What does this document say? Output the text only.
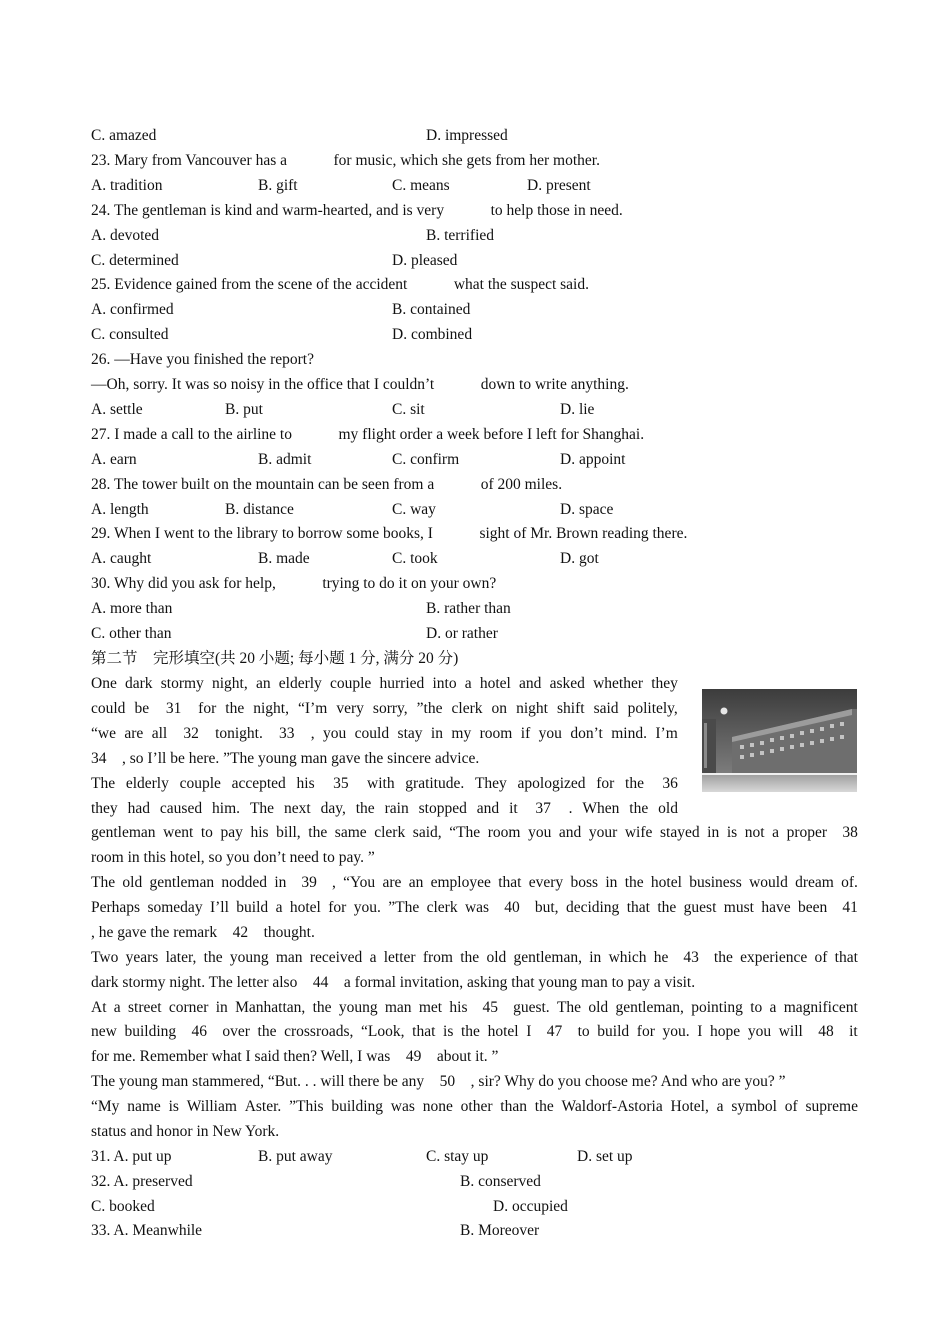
C. amazed	D. impressed
23. Mary from Vancouver has a            for music, which she gets from her mother.
A. tradition	B. gift	C. means	D. present
24. The gentleman is kind and warm-hearted, and is very            to help those in need.
A. devoted	B. terrified
C. determined	D. pleased
25. Evidence gained from the scene of the accident            what the suspect said.
A. confirmed	B. contained
C. consulted	D. combined
26. —Have you finished the report?
—Oh, sorry. It was so noisy in the office that I couldn’t            down to write anything.
A. settle	B. put	C. sit	D. lie
27. I made a call to the airline to            my flight order a week before I left for Shanghai.
A. earn	B. admit	C. confirm	D. appoint
28. The tower built on the mountain can be seen from a            of 200 miles.
A. length	B. distance	C. way	D. space
29. When I went to the library to borrow some books, I            sight of Mr. Brown reading there.
A. caught	B. made	C. took	D. got
30. Why did you ask for help,            trying to do it on your own?
A. more than	B. rather than
C. other than	D. or rather
第二节    完形填空(共 20 小题; 每小题 1 分, 满分 20 分)
34    , so I’ll be here. ”The young man gave the sincere advice.
room in this hotel, so you don’t need to pay. ”
, he gave the remark    42    thought.
dark stormy night. The letter also    44    a formal invitation, asking that young man to pay a visit.
for me. Remember what I said then? Well, I was    49    about it. ”
The young man stammered, “But. . . will there be any    50    , sir? Why do you choose me? And who are you? ”
status and honor in New York.
31. A. put up	B. put away	C. stay up	D. set up
32. A. preserved	B. conserved
C. booked	D. occupied
33. A. Meanwhile	B. Moreover
One dark stormy night, an elderly couple hurried into a hotel and asked whether they
could be 31 for the night, “I’m very sorry, ”the clerk on night shift said politely,
“we are all 32 tonight. 33 , you could stay in my room if you don’t mind. I’m
The elderly couple accepted his 35 with gratitude. They apologized for the 36
they had caused him. The next day, the rain stopped and it 37 . When the old
gentleman went to pay his bill, the same clerk said, “The room you and your wife stayed in is not a proper 38
The old gentleman nodded in 39 , “You are an employee that every boss in the hotel business would dream of.
Perhaps someday I’ll build a hotel for you. ”The clerk was 40 but, deciding that the guest must have been 41
Two years later, the young man received a letter from the old gentleman, in which he 43 the experience of that
At a street corner in Manhattan, the young man met his 45 guest. The old gentleman, pointing to a magnificent
new building 46 over the crossroads, “Look, that is the hotel I 47 to build for you. I hope you will 48 it
“My name is William Aster. ”This building was none other than the Waldorf-Astoria Hotel, a symbol of supreme
